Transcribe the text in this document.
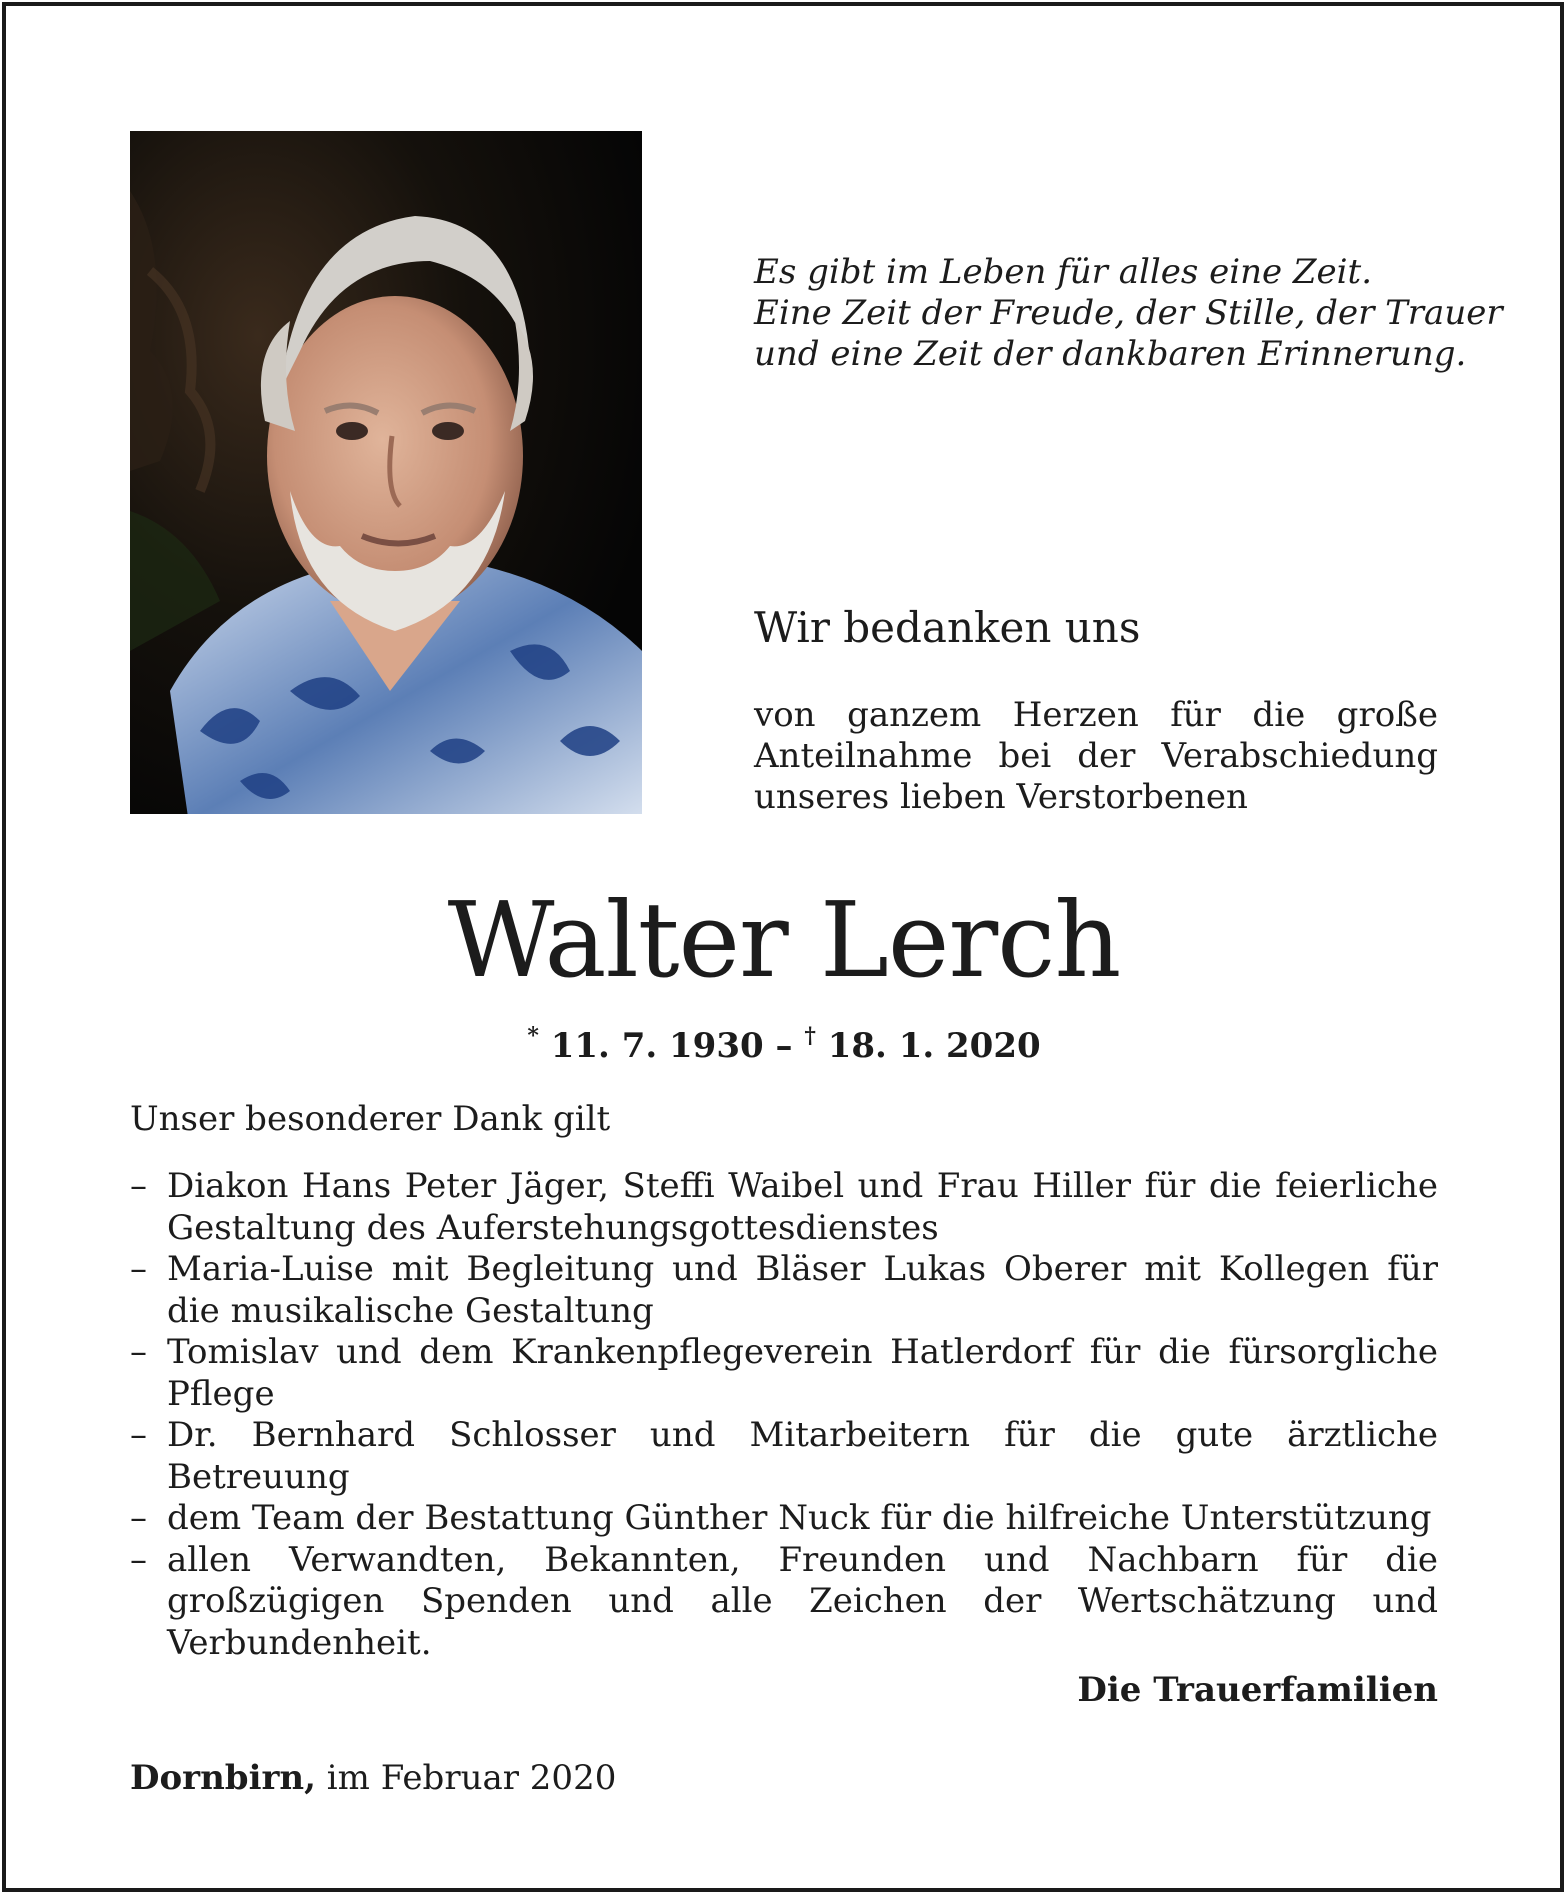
Es gibt im Leben für alles eine Zeit.
Eine Zeit der Freude, der Stille, der Trauer
und eine Zeit der dankbaren Erinnerung.
Wir bedanken uns
von ganzem Herzen für die große Anteilnahme bei der Verabschiedung unseres lieben Verstorbenen
Walter Lerch
* 11. 7. 1930 – † 18. 1. 2020
Unser besonderer Dank gilt
– Diakon Hans Peter Jäger, Steffi Waibel und Frau Hiller für die feierliche Gestaltung des Auferstehungsgottesdienstes
– Maria-Luise mit Begleitung und Bläser Lukas Oberer mit Kollegen für die musikalische Gestaltung
– Tomislav und dem Krankenpflegeverein Hatlerdorf für die fürsorgliche Pflege
– Dr. Bernhard Schlosser und Mitarbeitern für die gute ärztliche Betreuung
– dem Team der Bestattung Günther Nuck für die hilfreiche Unterstützung
– allen Verwandten, Bekannten, Freunden und Nachbarn für die großzügigen Spenden und alle Zeichen der Wertschätzung und Verbundenheit.
Die Trauerfamilien
Dornbirn, im Februar 2020
